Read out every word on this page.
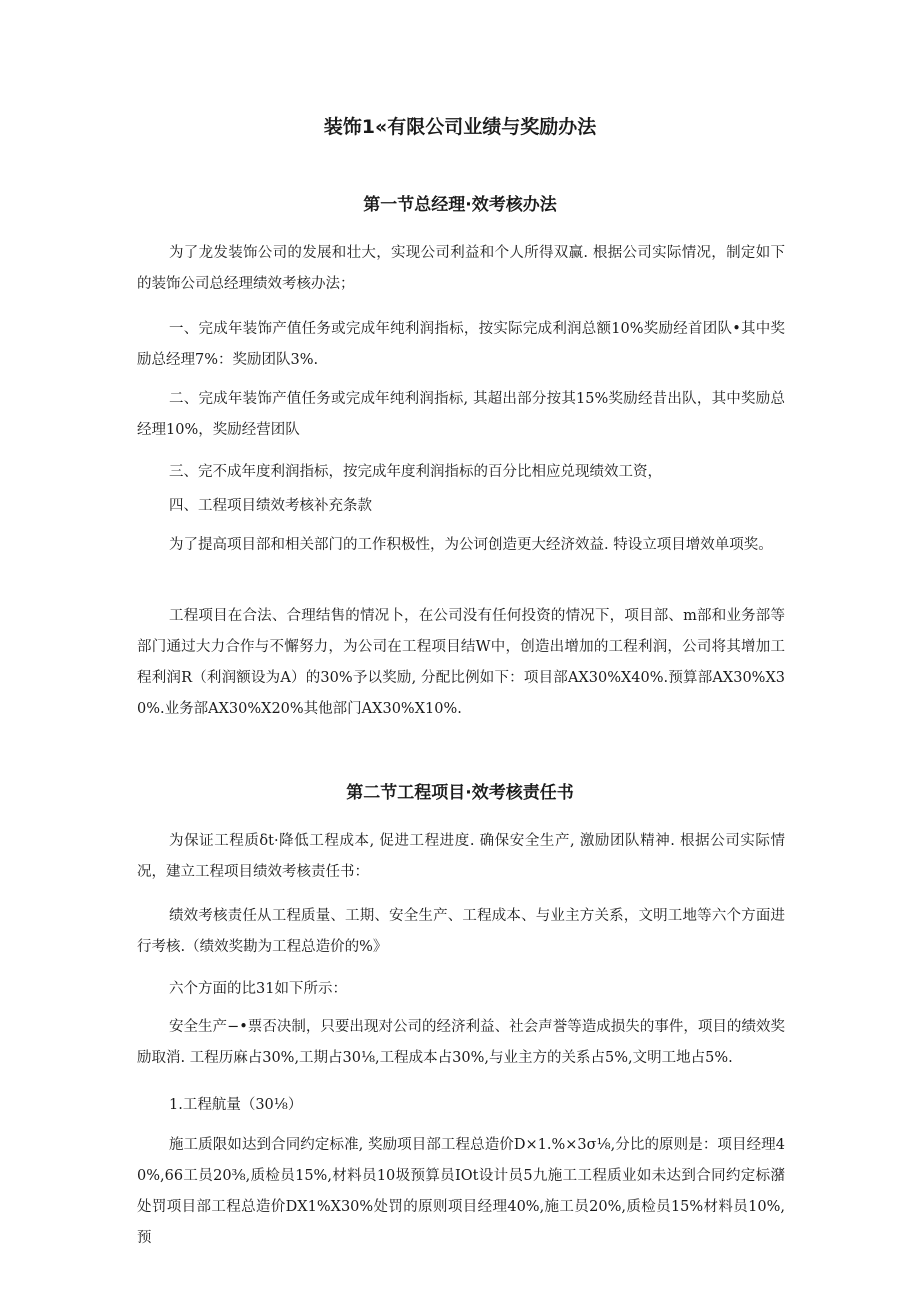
装饰1«有限公司业绩与奖励办法
第一节总经理·效考核办法

为了龙发装饰公司的发展和壮大，实现公司利益和个人所得双赢. 根据公司实际情况，制定如下的装饰公司总经理绩效考核办法；

一、完成年装饰产值任务或完成年纯利润指标，按实际完成利润总额10%奖励经首团队•其中奖励总经理7%：奖励团队3%.

二、完成年装饰产值任务或完成年纯利润指标, 其超出部分按其15%奖励经昔出队，其中奖励总经理10%，奖励经营团队

三、完不成年度利润指标，按完成年度利润指标的百分比相应兑现绩效工资，

四、工程项目绩效考核补充条款

为了提高项目部和相关部门的工作积极性，为公诃创造更大经济效益. 特设立项目增效单项奖。

工程项目在合法、合理结售的情况卜，在公司没有任何投资的情况下，项目部、m部和业务部等部门通过大力合作与不懈努力，为公司在工程项目结W中，创造出增加的工程利润，公司将其增加工程利润R（利润额设为A）的30%予以奖励, 分配比例如下：项目部AX30%X40%.预算部AX30%X30%.业务部AX30%X20%其他部门AX30%X10%.

第二节工程项目·效考核责任书

为保证工程质δt·降低工程成本, 促进工程进度. 确保安全生产, 激励团队精神. 根据公司实际情况，建立工程项目绩效考核责任书：

绩效考核责任从工程质量、工期、安全生产、工程成本、与业主方关系，文明工地等六个方面进行考核.（绩效奖勘为工程总造价的%》

六个方面的比31如下所示：

安全生产−•票否决制，只要出现对公司的经济利益、社会声誉等造成损失的事件，项目的绩效奖励取消. 工程历麻占30%,工期占30⅛,工程成本占30%,与业主方的关系占5%,文明工地占5%.

1.工程航量（30⅛）

施工质限如达到合同约定标准, 奖励项目部工程总造价D×1.%×3σ⅛,分比的原则是：项目经理40%,66工员20⅜,质检员15%,材料员10圾预算员IOt设计员5九施工工程质业如未达到合同约定标潴处罚项目部工程总造价DX1%X30%处罚的原则项目经理40%,施工员20%,质检员15%材料员10%,预
